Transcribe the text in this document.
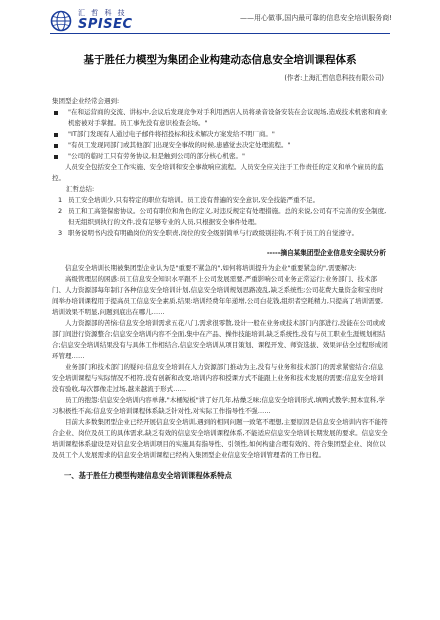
汇 哲 科 技
SPISEC	——用心做事,国内最可靠的信息安全培训服务商!
基于胜任力模型为集团企业构建动态信息安全培训课程体系
(作者:上海汇哲信息科技有限公司)

集团型企业经常会遇到:

"在和运营商的交流、讲标中,会议后发现竞争对手利用酒店人员将录音设备安装在会议现场,造成技术机密和商业机密被对手掌握。员工事先没有意识检查会场。"

"IT部门发现有人通过电子邮件将招投标和技术解决方案发给不明厂商。"

"有员工发现同部门或其他部门出现安全事故的时候,患感觉去决定处理流程。"

"公司的临时工只有劳务协议,但是触到公司的部分核心机密。"

人员安全包括安全工作实施、安全培训和安全事故响应流程。人员安全应关注于工作责任的定义和单个雇员的监控。

汇哲总结:

1 员工安全培训少,只有特定的职位有培训。员工没有普遍的安全意识,安全技能严重不足。

2 员工和工高签保密协议。公司有职位和角色的定义,对违反规定有处理措施。总的来说,公司有不完善的安全制度,但无组织到执行的文件,没有足够专业的人员,只根据安全事件处理。

3 职务说明书内没有明确岗位的安全职责,岗位的安全级别简单与行政级别挂钩,不利于员工的自觉遵守。

-----摘自某集团型企业信息安全现状分析

信息安全培训长期被集团型企业认为是"重要不紧急的",如何将培训提升为企业"重要紧急的",需要解决:

高级管理层的困惑:员工信息安全知识水平跟不上公司发展需要,严重影响公司业务正常运行;业务部门、技术部门、人力资源部每年制订各种信息安全培训计划,信息安全培训规划思路凌乱,缺乏系统性;公司花费大量资金和宝贵时间举办培训课程用于提高员工信息安全素质,结果:培训经费年年递增,公司白花钱,组织者空耗精力,只提高了培训需要,培训效果不明显,问题到底出在哪儿……

人力资源部的苦恼:信息安全培训需求五花八门,需求很零散,设计一般在业务或技术部门内部进行,没能在公司或或部门间进行资源整合;信息安全培训内容不全面,集中在产品、操作技能培训,缺乏系统性,没有与员工职业生涯规划相结合;信息安全培训结果没有与具体工作相结合,信息安全培训从项目策划、课程开发、师资选拔、效果评估全过程形成闭环管理……

业务部门和技术部门的疑问:信息安全培训在人力资源部门推动为主,没有与业务和技术部门的需求紧密结合;信息安全培训课程与实际情况不相符,没有创新和改变,培训内容和授课方式不能跟上业务和技术发展的需要;信息安全培训没有验收,每次都像走过场,越来越流于形式……

员工的抱怨:信息安全培训内容单薄,"木桶短板"讲了好几年,枯燥乏味;信息安全培训形式,填鸭式教学;照本宣科,学习积极性不高;信息安全培训课程体系缺乏针对性,对实际工作指导性不强……

目前大多数集团型企业已经开展信息安全培训,遇到的相同问题一致笔不理想,主要原因是信息安全培训内容不能符合企业、岗位及员工的具体需求,缺乏有效的信息安全培训课程体系,不能适应信息安全培训长期发展的要求。信息安全培训课程体系建设是对信息安全培训项目的实施具有指导性、引领性,如何构建合理有效的、符合集团型企业、岗位以及员工个人发展需求的信息安全培训课程已经构入集团型企业信息安全培训管理者的工作日程。

一、基于胜任力模型构建信息安全培训课程体系特点
